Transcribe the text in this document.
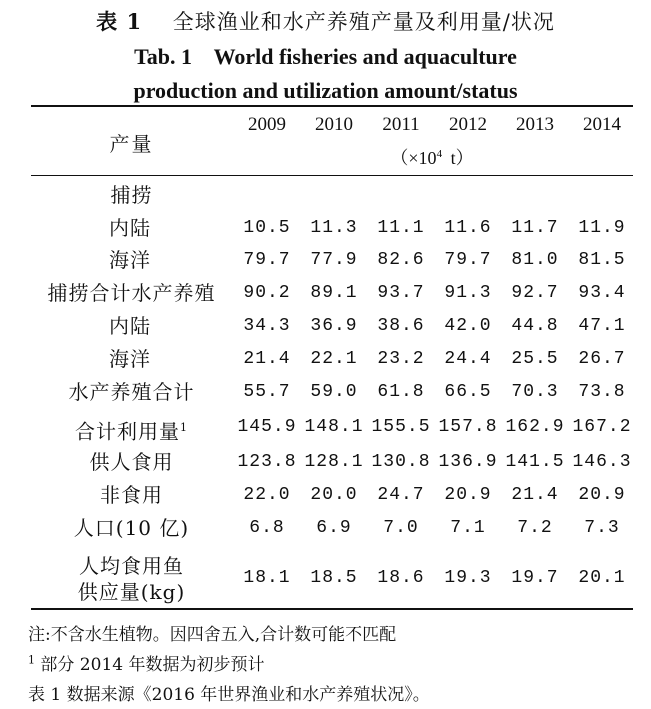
表 1 全球渔业和水产养殖产量及利用量/状况
Tab. 1    World fisheries and aquaculture
production and utilization amount/status
产量
2009	2010	2011	2012	2013	2014
（$\times 10^4$ t）
捕捞
内陆	10.5	11.3	11.1	11.6	11.7	11.9
海洋	79.7	77.9	82.6	79.7	81.0	81.5
捕捞合计水产养殖	90.2	89.1	93.7	91.3	92.7	93.4
内陆	34.3	36.9	38.6	42.0	44.8	47.1
海洋	21.4	22.1	23.2	24.4	25.5	26.7
水产养殖合计	55.7	59.0	61.8	66.5	70.3	73.8
合计利用量$^1$	145.9 148.1 155.5 157.8 162.9 167.2
供人食用	123.8 128.1 130.8 136.9 141.5 146.3
非食用	22.0	20.0	24.7	20.9	21.4	20.9
人口(10 亿)	6.8	6.9	7.0	7.1	7.2	7.3
人均食用鱼
供应量(kg)
18.1	18.5	18.6	19.3	19.7	20.1
注:不含水生植物。因四舍五入,合计数可能不匹配
$^1$ 部分 2014 年数据为初步预计
表 1 数据来源《2016 年世界渔业和水产养殖状况》。
